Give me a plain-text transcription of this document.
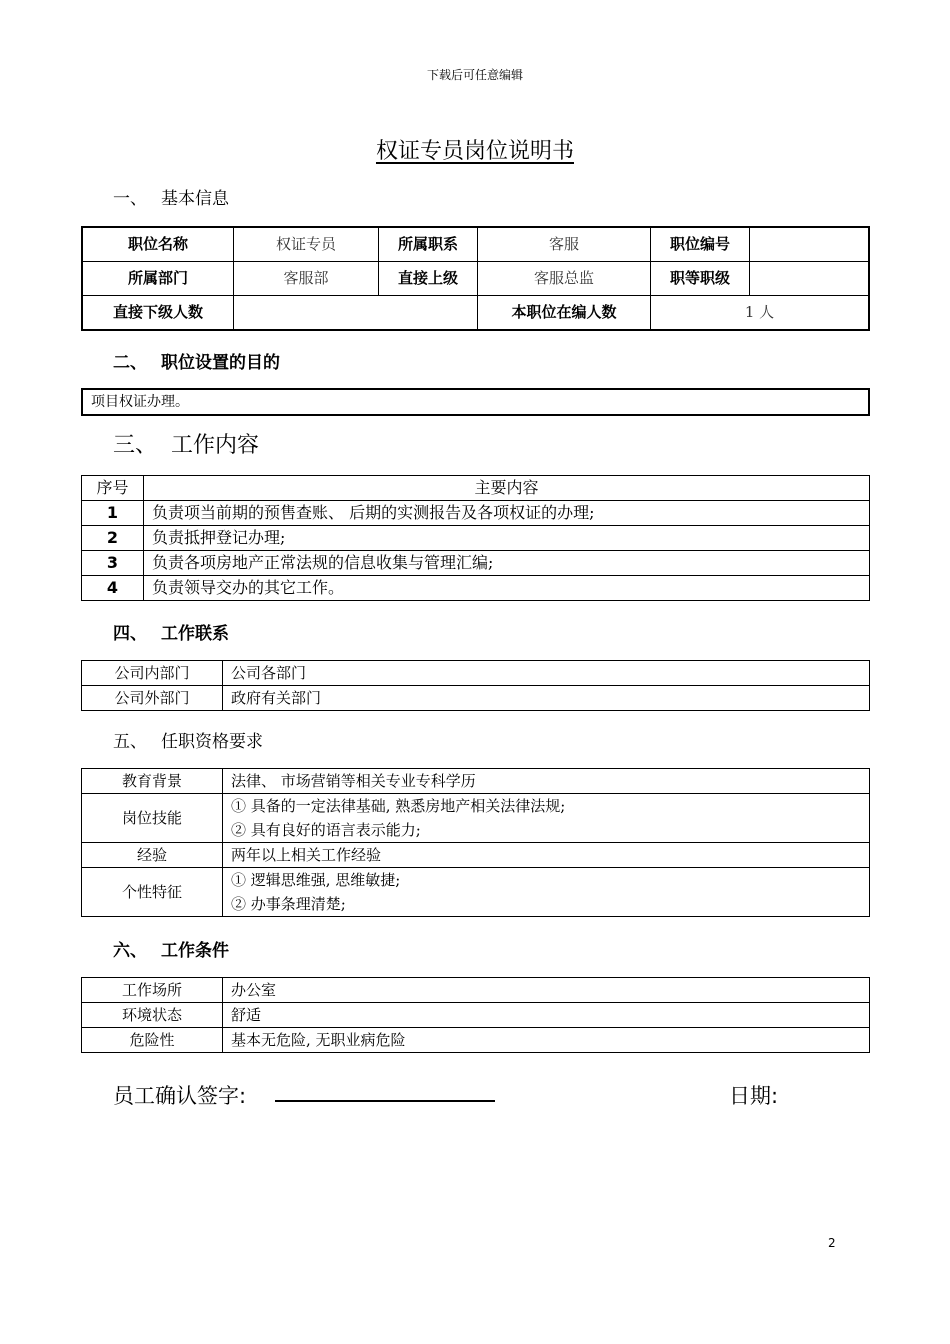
下载后可任意编辑
权证专员岗位说明书
一、 基本信息
职位名称	权证专员	所属职系	客服	职位编号	
所属部门	客服部	直接上级	客服总监	职等职级	
直接下级人数			本职位在编人数	1 人	
二、 职位设置的目的
项目权证办理。
三、 工作内容
序号	主要内容
1	负责项当前期的预售查账、 后期的实测报告及各项权证的办理;
2	负责抵押登记办理;
3	负责各项房地产正常法规的信息收集与管理汇编;
4	负责领导交办的其它工作。
四、 工作联系
公司内部门	公司各部门
公司外部门	政府有关部门
五、 任职资格要求
教育背景	法律、 市场营销等相关专业专科学历
岗位技能	① 具备的一定法律基础, 熟悉房地产相关法律法规;
② 具有良好的语言表示能力;

经验	两年以上相关工作经验
个性特征	① 逻辑思维强, 思维敏捷;
② 办事条理清楚;
六、 工作条件
工作场所	办公室
环境状态	舒适
危险性	基本无危险, 无职业病危险
员工确认签字:	日期:
2
